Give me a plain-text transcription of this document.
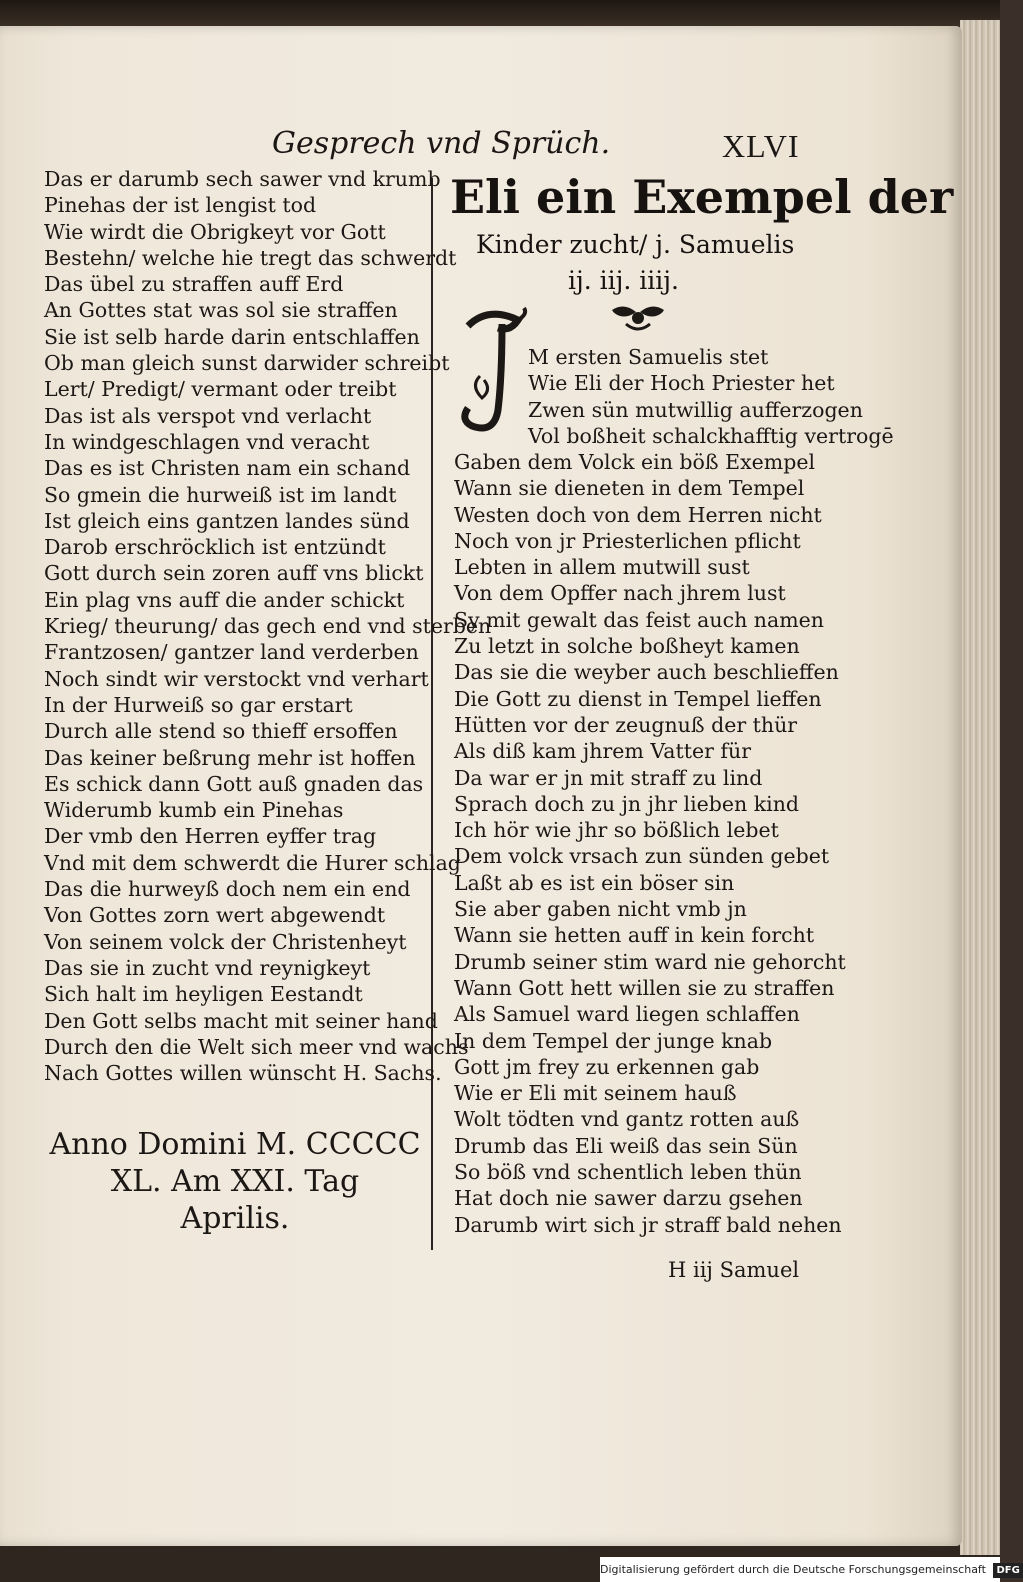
Gesprech vnd Sprüch.	XLVI
Das er darumb sech sawer vnd krumb
Pinehas der ist lengist tod
Wie wirdt die Obrigkeyt vor Gott
Bestehn/ welche hie tregt das schwerdt
Das übel zu straffen auff Erd
An Gottes stat was sol sie straffen
Sie ist selb harde darin entschlaffen
Ob man gleich sunst darwider schreibt
Lert/ Predigt/ vermant oder treibt
Das ist als verspot vnd verlacht
In windgeschlagen vnd veracht
Das es ist Christen nam ein schand
So gmein die hurweiß ist im landt
Ist gleich eins gantzen landes sünd
Darob erschröcklich ist entzündt
Gott durch sein zoren auff vns blickt
Ein plag vns auff die ander schickt
Krieg/ theurung/ das gech end vnd sterben
Frantzosen/ gantzer land verderben
Noch sindt wir verstockt vnd verhart
In der Hurweiß so gar erstart
Durch alle stend so thieff ersoffen
Das keiner beßrung mehr ist hoffen
Es schick dann Gott auß gnaden das
Widerumb kumb ein Pinehas
Der vmb den Herren eyffer trag
Vnd mit dem schwerdt die Hurer schlag
Das die hurweyß doch nem ein end
Von Gottes zorn wert abgewendt
Von seinem volck der Christenheyt
Das sie in zucht vnd reynigkeyt
Sich halt im heyligen Eestandt
Den Gott selbs macht mit seiner hand
Durch den die Welt sich meer vnd wachs
Nach Gottes willen wünscht H. Sachs.
Anno Domini M. CCCCC
XL. Am XXI. Tag
Aprilis.
Eli ein Exempel der
Kinder zucht/ j. Samuelis
ij. iij. iiij.
M ersten Samuelis stet
Wie Eli der Hoch Priester het
Zwen sün mutwillig aufferzogen
Vol boßheit schalckhafftig vertrogē
Gaben dem Volck ein böß Exempel
Wann sie dieneten in dem Tempel
Westen doch von dem Herren nicht
Noch von jr Priesterlichen pflicht
Lebten in allem mutwill sust
Von dem Opffer nach jhrem lust
Sy mit gewalt das feist auch namen
Zu letzt in solche boßheyt kamen
Das sie die weyber auch beschlieffen
Die Gott zu dienst in Tempel lieffen
Hütten vor der zeugnuß der thür
Als diß kam jhrem Vatter für
Da war er jn mit straff zu lind
Sprach doch zu jn jhr lieben kind
Ich hör wie jhr so bößlich lebet
Dem volck vrsach zun sünden gebet
Laßt ab es ist ein böser sin
Sie aber gaben nicht vmb jn
Wann sie hetten auff in kein forcht
Drumb seiner stim ward nie gehorcht
Wann Gott hett willen sie zu straffen
Als Samuel ward liegen schlaffen
In dem Tempel der junge knab
Gott jm frey zu erkennen gab
Wie er Eli mit seinem hauß
Wolt tödten vnd gantz rotten auß
Drumb das Eli weiß das sein Sün
So böß vnd schentlich leben thün
Hat doch nie sawer darzu gsehen
Darumb wirt sich jr straff bald nehen
H iij Samuel
Digitalisierung gefördert durch die Deutsche Forschungsgemeinschaft DFG
